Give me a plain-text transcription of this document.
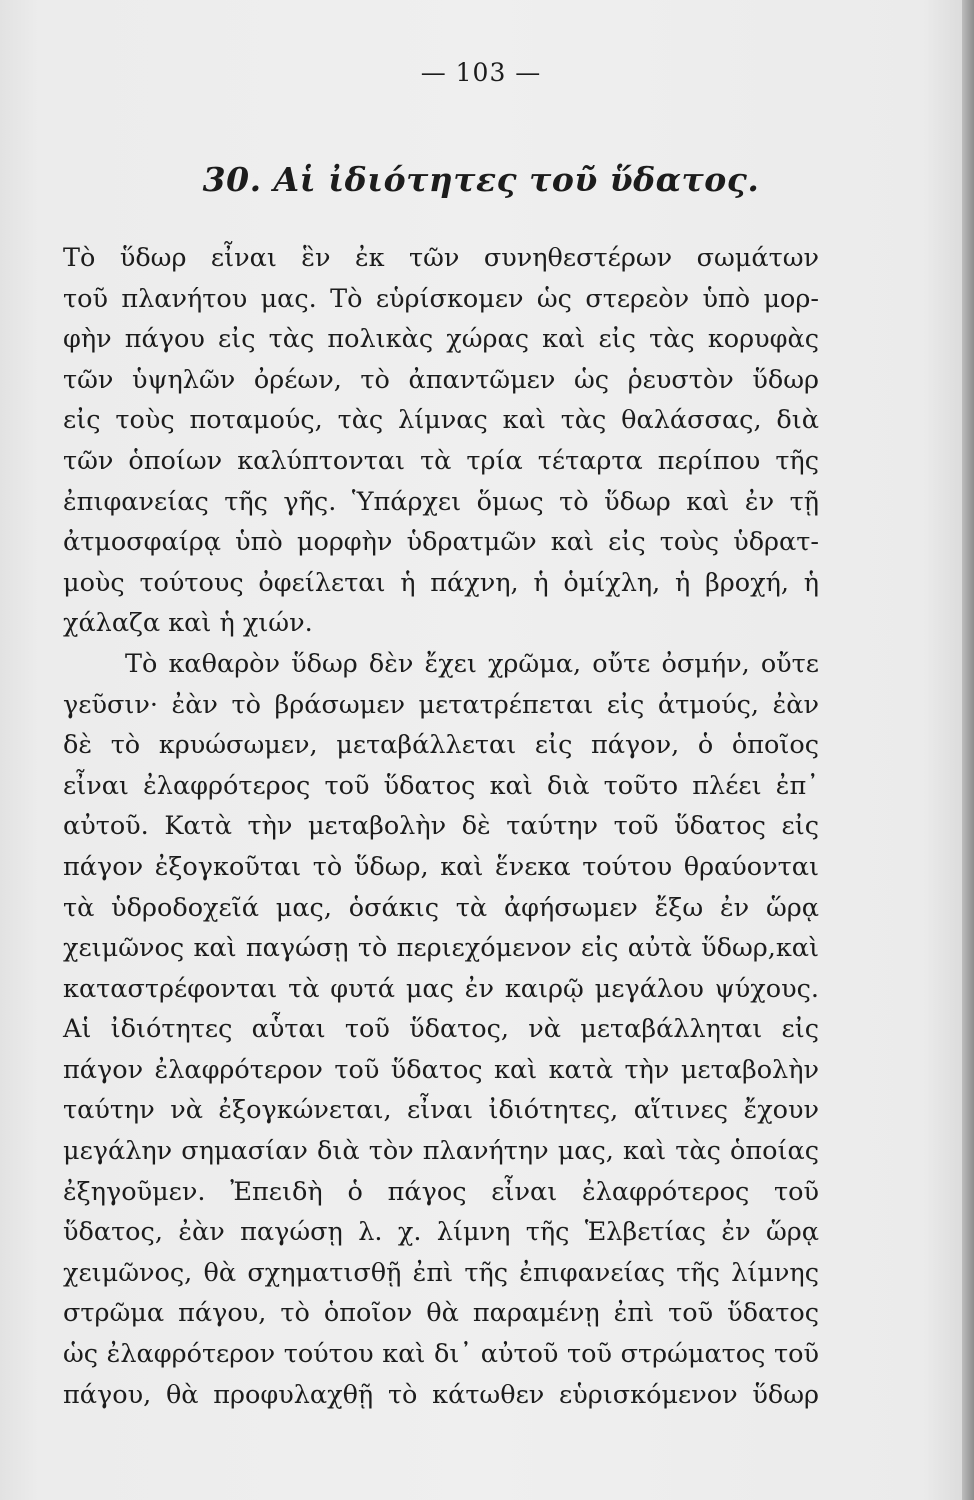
— 103 —
30. Αἱ ἰδιότητες τοῦ ὕδατος.
Τὸ ὕδωρ εἶναι ἓν ἐκ τῶν συνηθεστέρων σωμάτων
τοῦ πλανήτου μας. Τὸ εὑρίσκομεν ὡς στερεὸν ὑπὸ μορ-
φὴν πάγου εἰς τὰς πολικὰς χώρας καὶ εἰς τὰς κορυφὰς
τῶν ὑψηλῶν ὀρέων, τὸ ἀπαντῶμεν ὡς ῥευστὸν ὕδωρ
εἰς τοὺς ποταμούς, τὰς λίμνας καὶ τὰς θαλάσσας, διὰ
τῶν ὁποίων καλύπτονται τὰ τρία τέταρτα περίπου τῆς
ἐπιφανείας τῆς γῆς. Ὑπάρχει ὅμως τὸ ὕδωρ καὶ ἐν τῇ
ἀτμοσφαίρᾳ ὑπὸ μορφὴν ὑδρατμῶν καὶ εἰς τοὺς ὑδρατ-
μοὺς τούτους ὀφείλεται ἡ πάχνη, ἡ ὁμίχλη, ἡ βροχή, ἡ
χάλαζα καὶ ἡ χιών.
Τὸ καθαρὸν ὕδωρ δὲν ἔχει χρῶμα, οὔτε ὀσμήν, οὔτε
γεῦσιν· ἐὰν τὸ βράσωμεν μετατρέπεται εἰς ἀτμούς, ἐὰν
δὲ τὸ κρυώσωμεν, μεταβάλλεται εἰς πάγον, ὁ ὁποῖος
εἶναι ἐλαφρότερος τοῦ ὕδατος καὶ διὰ τοῦτο πλέει ἐπ᾽
αὐτοῦ. Κατὰ τὴν μεταβολὴν δὲ ταύτην τοῦ ὕδατος εἰς
πάγον ἐξογκοῦται τὸ ὕδωρ, καὶ ἕνεκα τούτου θραύονται
τὰ ὑδροδοχεῖά μας, ὁσάκις τὰ ἀφήσωμεν ἔξω ἐν ὥρᾳ
χειμῶνος καὶ παγώσῃ τὸ περιεχόμενον εἰς αὐτὰ ὕδωρ,καὶ
καταστρέφονται τὰ φυτά μας ἐν καιρῷ μεγάλου ψύχους.
Αἱ ἰδιότητες αὗται τοῦ ὕδατος, νὰ μεταβάλληται εἰς
πάγον ἐλαφρότερον τοῦ ὕδατος καὶ κατὰ τὴν μεταβολὴν
ταύτην νὰ ἐξογκώνεται, εἶναι ἰδιότητες, αἵτινες ἔχουν
μεγάλην σημασίαν διὰ τὸν πλανήτην μας, καὶ τὰς ὁποίας
ἐξηγοῦμεν. Ἐπειδὴ ὁ πάγος εἶναι ἐλαφρότερος τοῦ
ὕδατος, ἐὰν παγώσῃ λ. χ. λίμνη τῆς Ἑλβετίας ἐν ὥρᾳ
χειμῶνος, θὰ σχηματισθῇ ἐπὶ τῆς ἐπιφανείας τῆς λίμνης
στρῶμα πάγου, τὸ ὁποῖον θὰ παραμένῃ ἐπὶ τοῦ ὕδατος
ὡς ἐλαφρότερον τούτου καὶ δι᾽ αὐτοῦ τοῦ στρώματος τοῦ
πάγου, θὰ προφυλαχθῇ τὸ κάτωθεν εὑρισκόμενον ὕδωρ
